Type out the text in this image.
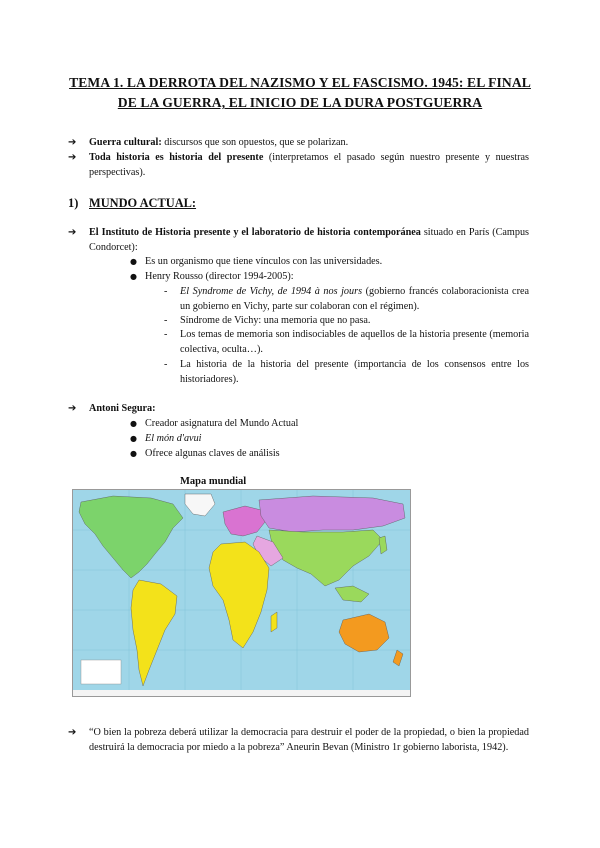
TEMA 1. LA DERROTA DEL NAZISMO Y EL FASCISMO. 1945: EL FINAL DE LA GUERRA, EL INICIO DE LA DURA POSTGUERRA
➔ Guerra cultural: discursos que son opuestos, que se polarizan.
➔ Toda historia es historia del presente (interpretamos el pasado según nuestro presente y nuestras perspectivas).
1) MUNDO ACTUAL:
➔ El Instituto de Historia presente y el laboratorio de historia contemporánea situado en París (Campus Condorcet):
● Es un organismo que tiene vínculos con las universidades.
● Henry Rousso (director 1994-2005):
- El Syndrome de Vichy, de 1994 à nos jours (gobierno francés colaboracionista crea un gobierno en Vichy, parte sur colaboran con el régimen).
- Síndrome de Vichy: una memoria que no pasa.
- Los temas de memoria son indisociables de aquellos de la historia presente (memoria colectiva, oculta…).
- La historia de la historia del presente (importancia de los consensos entre los historiadores).
➔ Antoni Segura:
● Creador asignatura del Mundo Actual
● El món d'avui
● Ofrece algunas claves de análisis
Mapa mundial
➔ “O bien la pobreza deberá utilizar la democracia para destruir el poder de la propiedad, o bien la propiedad destruirá la democracia por miedo a la pobreza” Aneurin Bevan (Ministro 1r gobierno laborista, 1942).
